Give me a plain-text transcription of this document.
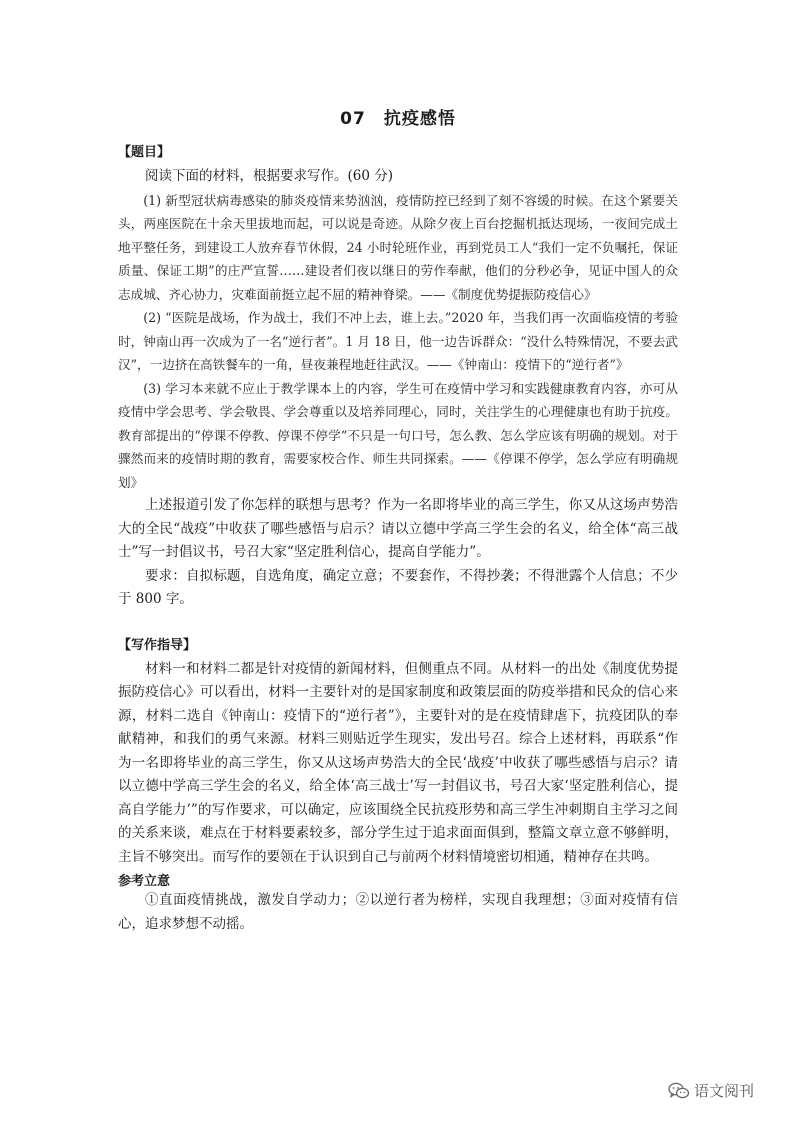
07　抗疫感悟
【题目】

阅读下面的材料，根据要求写作。(60 分)

(1) 新型冠状病毒感染的肺炎疫情来势汹汹，疫情防控已经到了刻不容缓的时候。在这个紧要关头，两座医院在十余天里拔地而起，可以说是奇迹。从除夕夜上百台挖掘机抵达现场，一夜间完成土地平整任务，到建设工人放弃春节休假，24 小时轮班作业，再到党员工人“我们一定不负嘱托，保证质量、保证工期”的庄严宣誓……建设者们夜以继日的劳作奉献，他们的分秒必争，见证中国人的众志成城、齐心协力，灾难面前挺立起不屈的精神脊梁。——《制度优势提振防疫信心》

(2) “医院是战场，作为战士，我们不冲上去，谁上去。”2020 年，当我们再一次面临疫情的考验时，钟南山再一次成为了一名“逆行者”。1 月 18 日，他一边告诉群众：“没什么特殊情况，不要去武汉”，一边挤在高铁餐车的一角，昼夜兼程地赶往武汉。——《钟南山：疫情下的“逆行者”》

(3) 学习本来就不应止于教学课本上的内容，学生可在疫情中学习和实践健康教育内容，亦可从疫情中学会思考、学会敬畏、学会尊重以及培养同理心，同时，关注学生的心理健康也有助于抗疫。教育部提出的“停课不停教、停课不停学”不只是一句口号，怎么教、怎么学应该有明确的规划。对于骤然而来的疫情时期的教育，需要家校合作、师生共同探索。——《停课不停学，怎么学应有明确规划》

上述报道引发了你怎样的联想与思考？作为一名即将毕业的高三学生，你又从这场声势浩大的全民“战疫”中收获了哪些感悟与启示？请以立德中学高三学生会的名义，给全体“高三战士”写一封倡议书，号召大家“坚定胜利信心，提高自学能力”。

要求：自拟标题，自选角度，确定立意；不要套作，不得抄袭；不得泄露个人信息；不少于 800 字。

【写作指导】

材料一和材料二都是针对疫情的新闻材料，但侧重点不同。从材料一的出处《制度优势提振防疫信心》可以看出，材料一主要针对的是国家制度和政策层面的防疫举措和民众的信心来源，材料二选自《钟南山：疫情下的“逆行者”》，主要针对的是在疫情肆虐下，抗疫团队的奉献精神，和我们的勇气来源。材料三则贴近学生现实，发出号召。综合上述材料，再联系“作为一名即将毕业的高三学生，你又从这场声势浩大的全民‘战疫’中收获了哪些感悟与启示？请以立德中学高三学生会的名义，给全体‘高三战士’写一封倡议书，号召大家‘坚定胜利信心，提高自学能力’”的写作要求，可以确定，应该围绕全民抗疫形势和高三学生冲刺期自主学习之间的关系来谈，难点在于材料要素较多，部分学生过于追求面面俱到，整篇文章立意不够鲜明，主旨不够突出。而写作的要领在于认识到自己与前两个材料情境密切相通，精神存在共鸣。

参考立意

①直面疫情挑战，激发自学动力；②以逆行者为榜样，实现自我理想；③面对疫情有信心，追求梦想不动摇。

语文阅刊
